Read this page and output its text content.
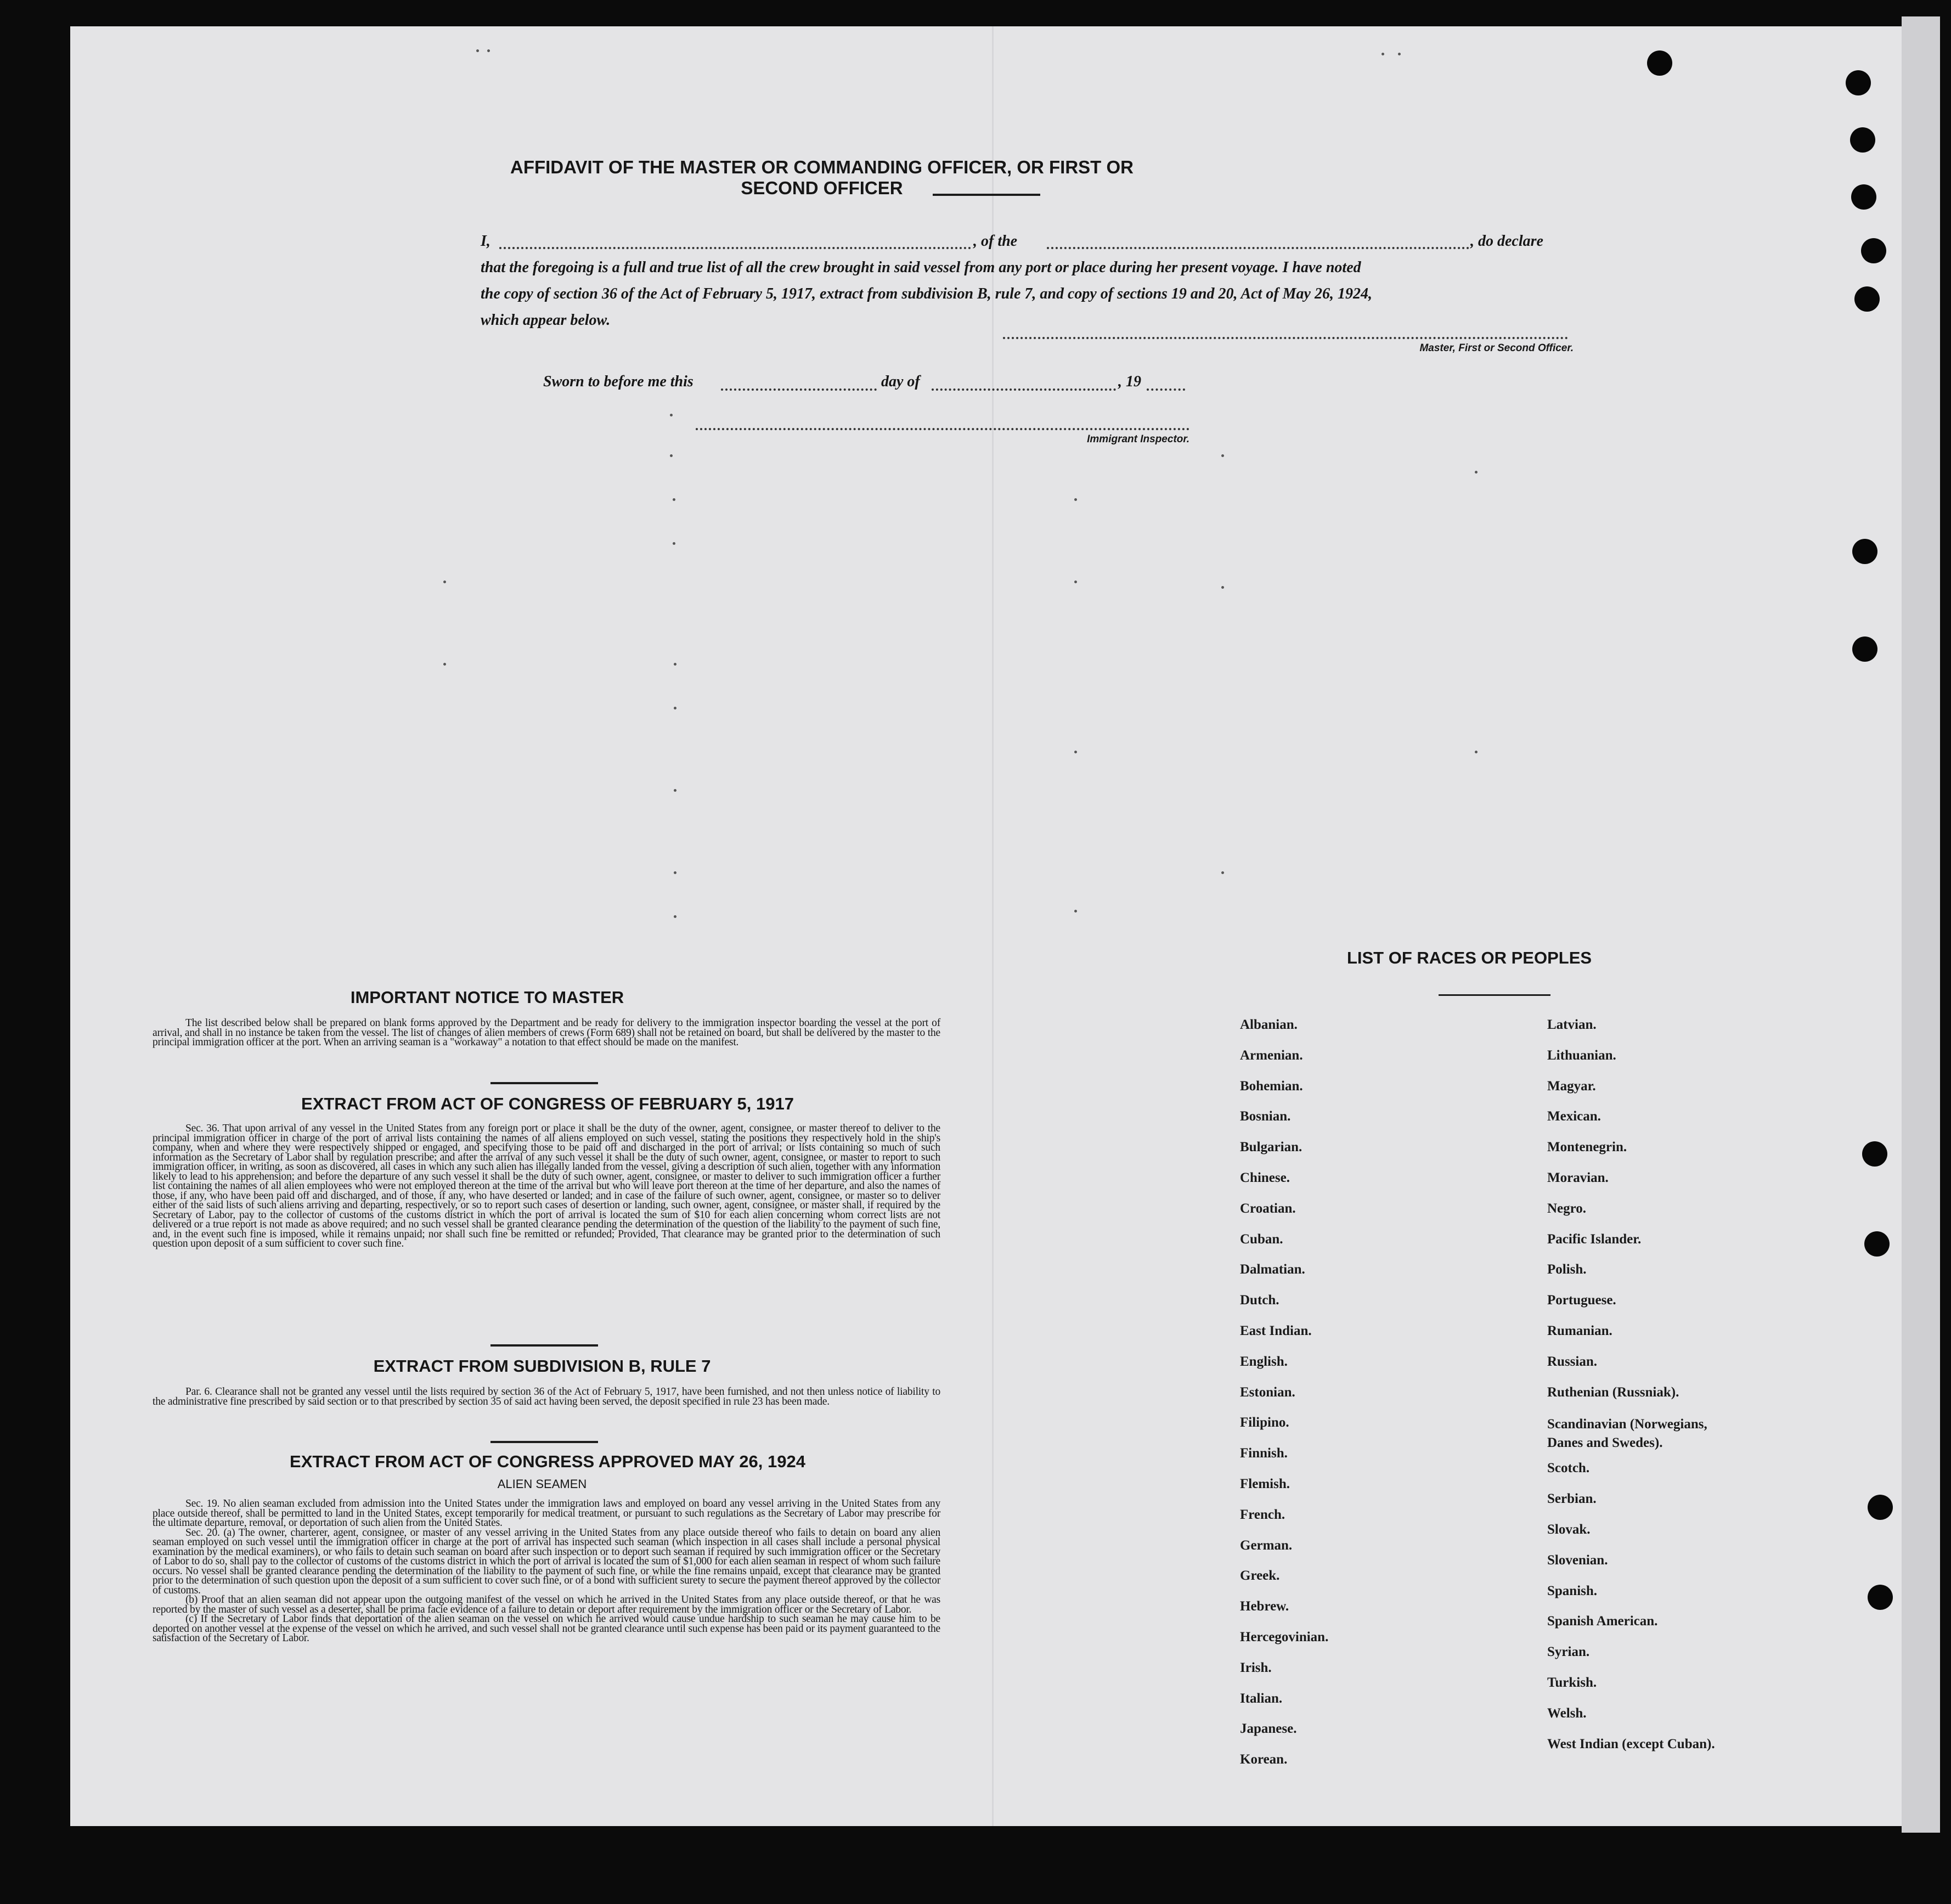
AFFIDAVIT OF THE MASTER OR COMMANDING OFFICER, OR FIRST OR SECOND OFFICER
I,	, of the	, do declare
that the foregoing is a full and true list of all the crew brought in said vessel from any port or place during her present voyage. I have noted
the copy of section 36 of the Act of February 5, 1917, extract from subdivision B, rule 7, and copy of sections 19 and 20, Act of May 26, 1924,
which appear below.
Master, First or Second Officer.
Sworn to before me this	day of	, 19
Immigrant Inspector.
IMPORTANT NOTICE TO MASTER

The list described below shall be prepared on blank forms approved by the Department and be ready for delivery to the immigration inspector boarding the vessel at the port of arrival, and shall in no instance be taken from the vessel. The list of changes of alien members of crews (Form 689) shall not be retained on board, but shall be delivered by the master to the principal immigration officer at the port. When an arriving seaman is a "workaway" a notation to that effect should be made on the manifest.

EXTRACT FROM ACT OF CONGRESS OF FEBRUARY 5, 1917

Sec. 36. That upon arrival of any vessel in the United States from any foreign port or place it shall be the duty of the owner, agent, consignee, or master thereof to deliver to the principal immigration officer in charge of the port of arrival lists containing the names of all aliens employed on such vessel, stating the positions they respectively hold in the ship's company, when and where they were respectively shipped or engaged, and specifying those to be paid off and discharged in the port of arrival; or lists containing so much of such information as the Secretary of Labor shall by regulation prescribe; and after the arrival of any such vessel it shall be the duty of such owner, agent, consignee, or master to report to such immigration officer, in writing, as soon as discovered, all cases in which any such alien has illegally landed from the vessel, giving a description of such alien, together with any information likely to lead to his apprehension; and before the departure of any such vessel it shall be the duty of such owner, agent, consignee, or master to deliver to such immigration officer a further list containing the names of all alien employees who were not employed thereon at the time of the arrival but who will leave port thereon at the time of her departure, and also the names of those, if any, who have been paid off and discharged, and of those, if any, who have deserted or landed; and in case of the failure of such owner, agent, consignee, or master so to deliver either of the said lists of such aliens arriving and departing, respectively, or so to report such cases of desertion or landing, such owner, agent, consignee, or master shall, if required by the Secretary of Labor, pay to the collector of customs of the customs district in which the port of arrival is located the sum of $10 for each alien concerning whom correct lists are not delivered or a true report is not made as above required; and no such vessel shall be granted clearance pending the determination of the question of the liability to the payment of such fine, and, in the event such fine is imposed, while it remains unpaid; nor shall such fine be remitted or refunded; Provided, That clearance may be granted prior to the determination of such question upon deposit of a sum sufficient to cover such fine.

EXTRACT FROM SUBDIVISION B, RULE 7

Par. 6. Clearance shall not be granted any vessel until the lists required by section 36 of the Act of February 5, 1917, have been furnished, and not then unless notice of liability to the administrative fine prescribed by said section or to that prescribed by section 35 of said act having been served, the deposit specified in rule 23 has been made.

EXTRACT FROM ACT OF CONGRESS APPROVED MAY 26, 1924
ALIEN SEAMEN

Sec. 19. No alien seaman excluded from admission into the United States under the immigration laws and employed on board any vessel arriving in the United States from any place outside thereof, shall be permitted to land in the United States, except temporarily for medical treatment, or pursuant to such regulations as the Secretary of Labor may prescribe for the ultimate departure, removal, or deportation of such alien from the United States.

Sec. 20. (a) The owner, charterer, agent, consignee, or master of any vessel arriving in the United States from any place outside thereof who fails to detain on board any alien seaman employed on such vessel until the immigration officer in charge at the port of arrival has inspected such seaman (which inspection in all cases shall include a personal physical examination by the medical examiners), or who fails to detain such seaman on board after such inspection or to deport such seaman if required by such immigration officer or the Secretary of Labor to do so, shall pay to the collector of customs of the customs district in which the port of arrival is located the sum of $1,000 for each alien seaman in respect of whom such failure occurs. No vessel shall be granted clearance pending the determination of the liability to the payment of such fine, or while the fine remains unpaid, except that clearance may be granted prior to the determination of such question upon the deposit of a sum sufficient to cover such fine, or of a bond with sufficient surety to secure the payment thereof approved by the collector of customs.

(b) Proof that an alien seaman did not appear upon the outgoing manifest of the vessel on which he arrived in the United States from any place outside thereof, or that he was reported by the master of such vessel as a deserter, shall be prima facie evidence of a failure to detain or deport after requirement by the immigration officer or the Secretary of Labor.

(c) If the Secretary of Labor finds that deportation of the alien seaman on the vessel on which he arrived would cause undue hardship to such seaman he may cause him to be deported on another vessel at the expense of the vessel on which he arrived, and such vessel shall not be granted clearance until such expense has been paid or its payment guaranteed to the satisfaction of the Secretary of Labor.

LIST OF RACES OR PEOPLES
Albanian.
Armenian.
Bohemian.
Bosnian.
Bulgarian.
Chinese.
Croatian.
Cuban.
Dalmatian.
Dutch.
East Indian.
English.
Estonian.
Filipino.
Finnish.
Flemish.
French.
German.
Greek.
Hebrew.
Hercegovinian.
Irish.
Italian.
Japanese.
Korean.
Latvian.
Lithuanian.
Magyar.
Mexican.
Montenegrin.
Moravian.
Negro.
Pacific Islander.
Polish.
Portuguese.
Rumanian.
Russian.
Ruthenian (Russniak).
Scandinavian (Norwegians, Danes and Swedes).
Scotch.
Serbian.
Slovak.
Slovenian.
Spanish.
Spanish American.
Syrian.
Turkish.
Welsh.
West Indian (except Cuban).
